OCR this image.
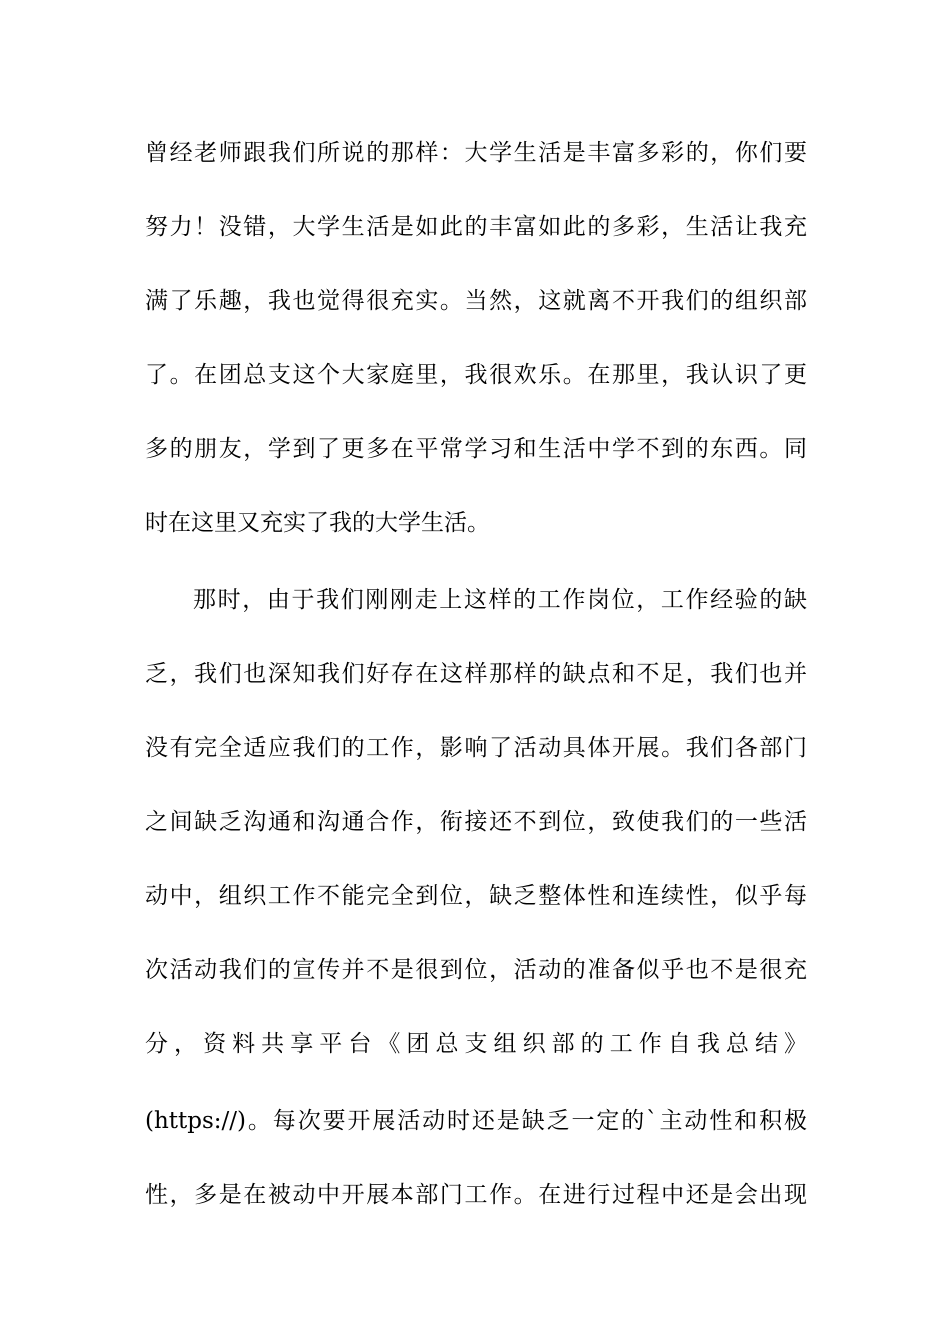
曾经老师跟我们所说的那样：大学生活是丰富多彩的，你们要
努力！没错，大学生活是如此的丰富如此的多彩，生活让我充
满了乐趣，我也觉得很充实。当然，这就离不开我们的组织部
了。在团总支这个大家庭里，我很欢乐。在那里，我认识了更
多的朋友，学到了更多在平常学习和生活中学不到的东西。同
时在这里又充实了我的大学生活。
那时，由于我们刚刚走上这样的工作岗位，工作经验的缺
乏，我们也深知我们好存在这样那样的缺点和不足，我们也并
没有完全适应我们的工作，影响了活动具体开展。我们各部门
之间缺乏沟通和沟通合作，衔接还不到位，致使我们的一些活
动中，组织工作不能完全到位，缺乏整体性和连续性，似乎每
次活动我们的宣传并不是很到位，活动的准备似乎也不是很充
分，资料共享平台《团总支组织部的工作自我总结》
(https://)。每次要开展活动时还是缺乏一定的`主动性和积极
性，多是在被动中开展本部门工作。在进行过程中还是会出现
